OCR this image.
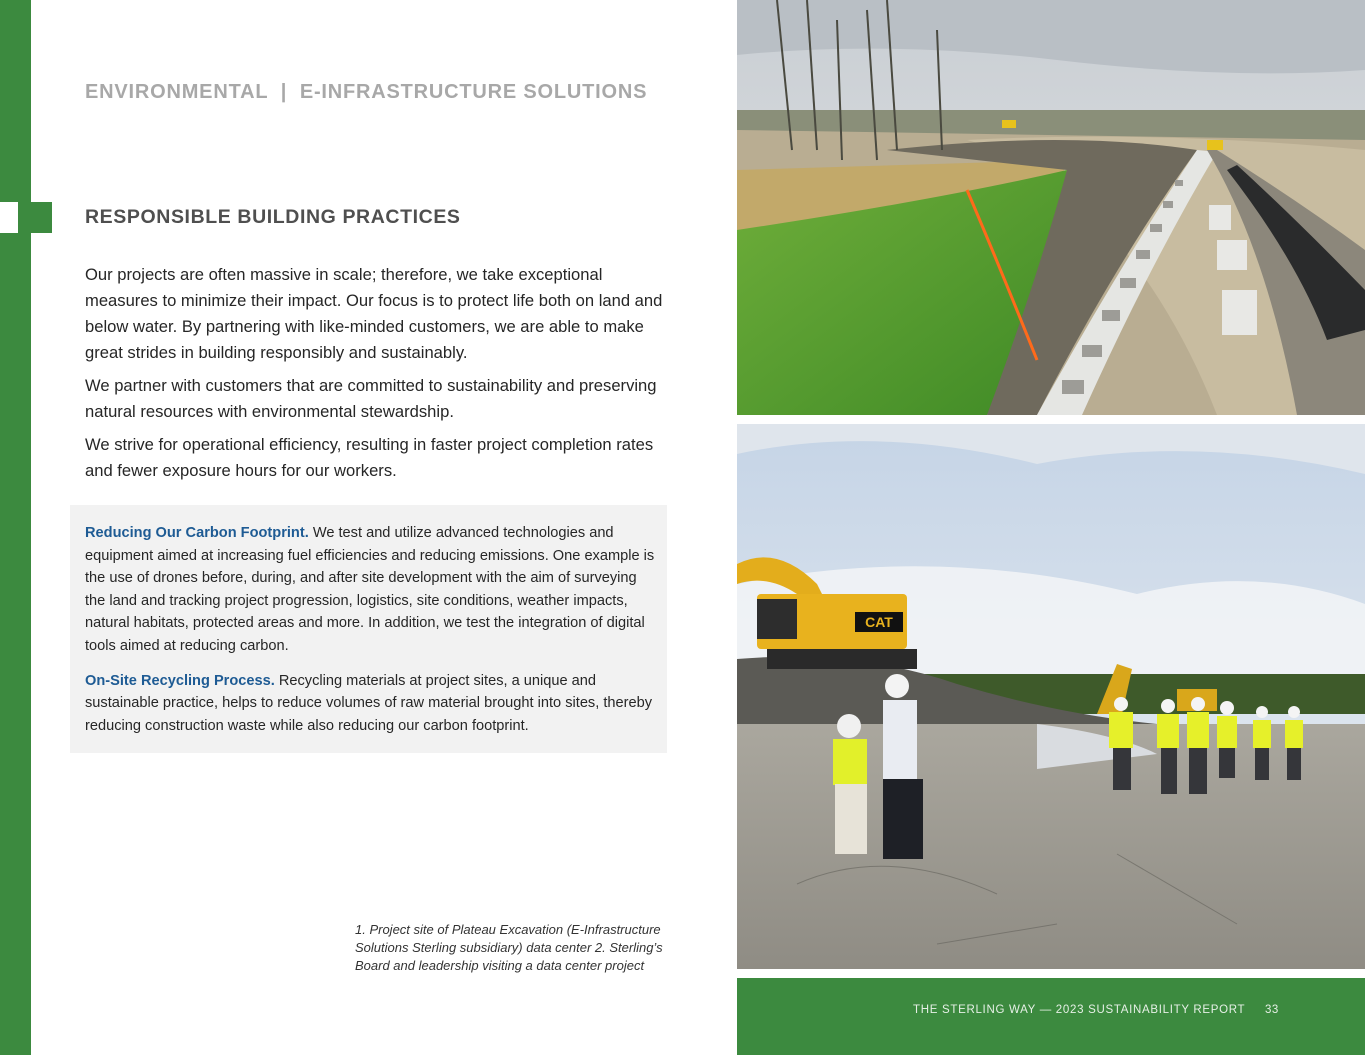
ENVIRONMENTAL  |  E-INFRASTRUCTURE SOLUTIONS
RESPONSIBLE BUILDING PRACTICES

Our projects are often massive in scale; therefore, we take exceptional measures to minimize their impact. Our focus is to protect life both on land and below water. By partnering with like-minded customers, we are able to make great strides in building responsibly and sustainably.

We partner with customers that are committed to sustainability and preserving natural resources with environmental stewardship.

We strive for operational efficiency, resulting in faster project completion rates and fewer exposure hours for our workers.

Reducing Our Carbon Footprint. We test and utilize advanced technologies and equipment aimed at increasing fuel efficiencies and reducing emissions. One example is the use of drones before, during, and after site development with the aim of surveying the land and tracking project progression, logistics, site conditions, weather impacts, natural habitats, protected areas and more. In addition, we test the integration of digital tools aimed at reducing carbon.

On-Site Recycling Process. Recycling materials at project sites, a unique and sustainable practice, helps to reduce volumes of raw material brought into sites, thereby reducing construction waste while also reducing our carbon footprint.

1. Project site of Plateau Excavation (E-Infrastructure Solutions Sterling subsidiary) data center 2. Sterling’s Board and leadership visiting a data center project
CAT
THE STERLING WAY — 2023 SUSTAINABILITY REPORT 33
